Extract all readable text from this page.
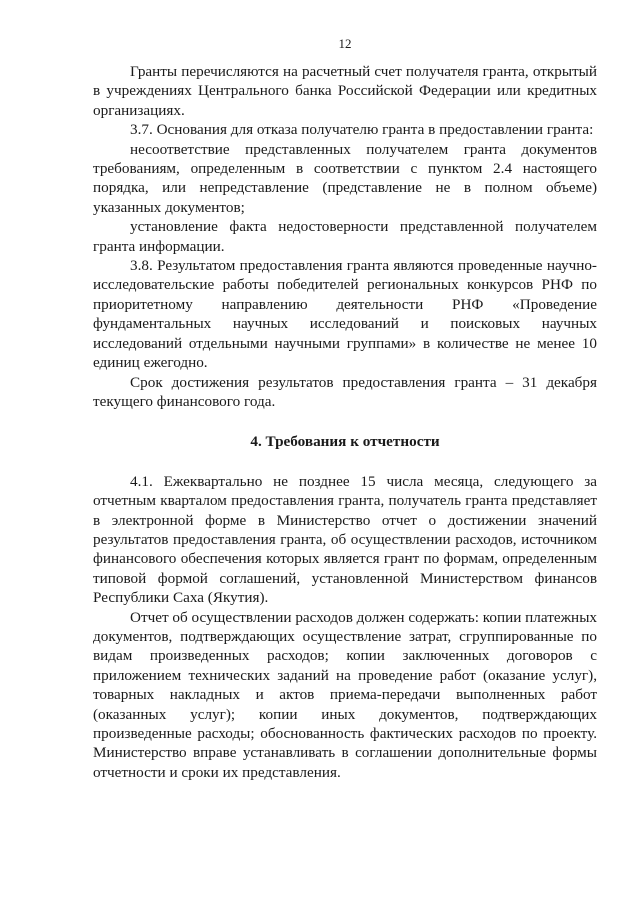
12

Гранты перечисляются на расчетный счет получателя гранта, открытый в учреждениях Центрального банка Российской Федерации или кредитных организациях.

3.7. Основания для отказа получателю гранта в предоставлении гранта:

несоответствие представленных получателем гранта документов требованиям, определенным в соответствии с пунктом 2.4 настоящего порядка, или непредставление (представление не в полном объеме) указанных документов;

установление факта недостоверности представленной получателем гранта информации.

3.8. Результатом предоставления гранта являются проведенные научно-исследовательские работы победителей региональных конкурсов РНФ по приоритетному направлению деятельности РНФ «Проведение фундаментальных научных исследований и поисковых научных исследований отдельными научными группами» в количестве не менее 10 единиц ежегодно.

Срок достижения результатов предоставления гранта – 31 декабря текущего финансового года.

4. Требования к отчетности

4.1. Ежеквартально не позднее 15 числа месяца, следующего за отчетным кварталом предоставления гранта, получатель гранта представляет в электронной форме в Министерство отчет о достижении значений результатов предоставления гранта, об осуществлении расходов, источником финансового обеспечения которых является грант по формам, определенным типовой формой соглашений, установленной Министерством финансов Республики Саха (Якутия).

Отчет об осуществлении расходов должен содержать: копии платежных документов, подтверждающих осуществление затрат, сгруппированные по видам произведенных расходов; копии заключенных договоров с приложением технических заданий на проведение работ (оказание услуг), товарных накладных и актов приема-передачи выполненных работ (оказанных услуг); копии иных документов, подтверждающих произведенные расходы; обоснованность фактических расходов по проекту. Министерство вправе устанавливать в соглашении дополнительные формы отчетности и сроки их представления.
